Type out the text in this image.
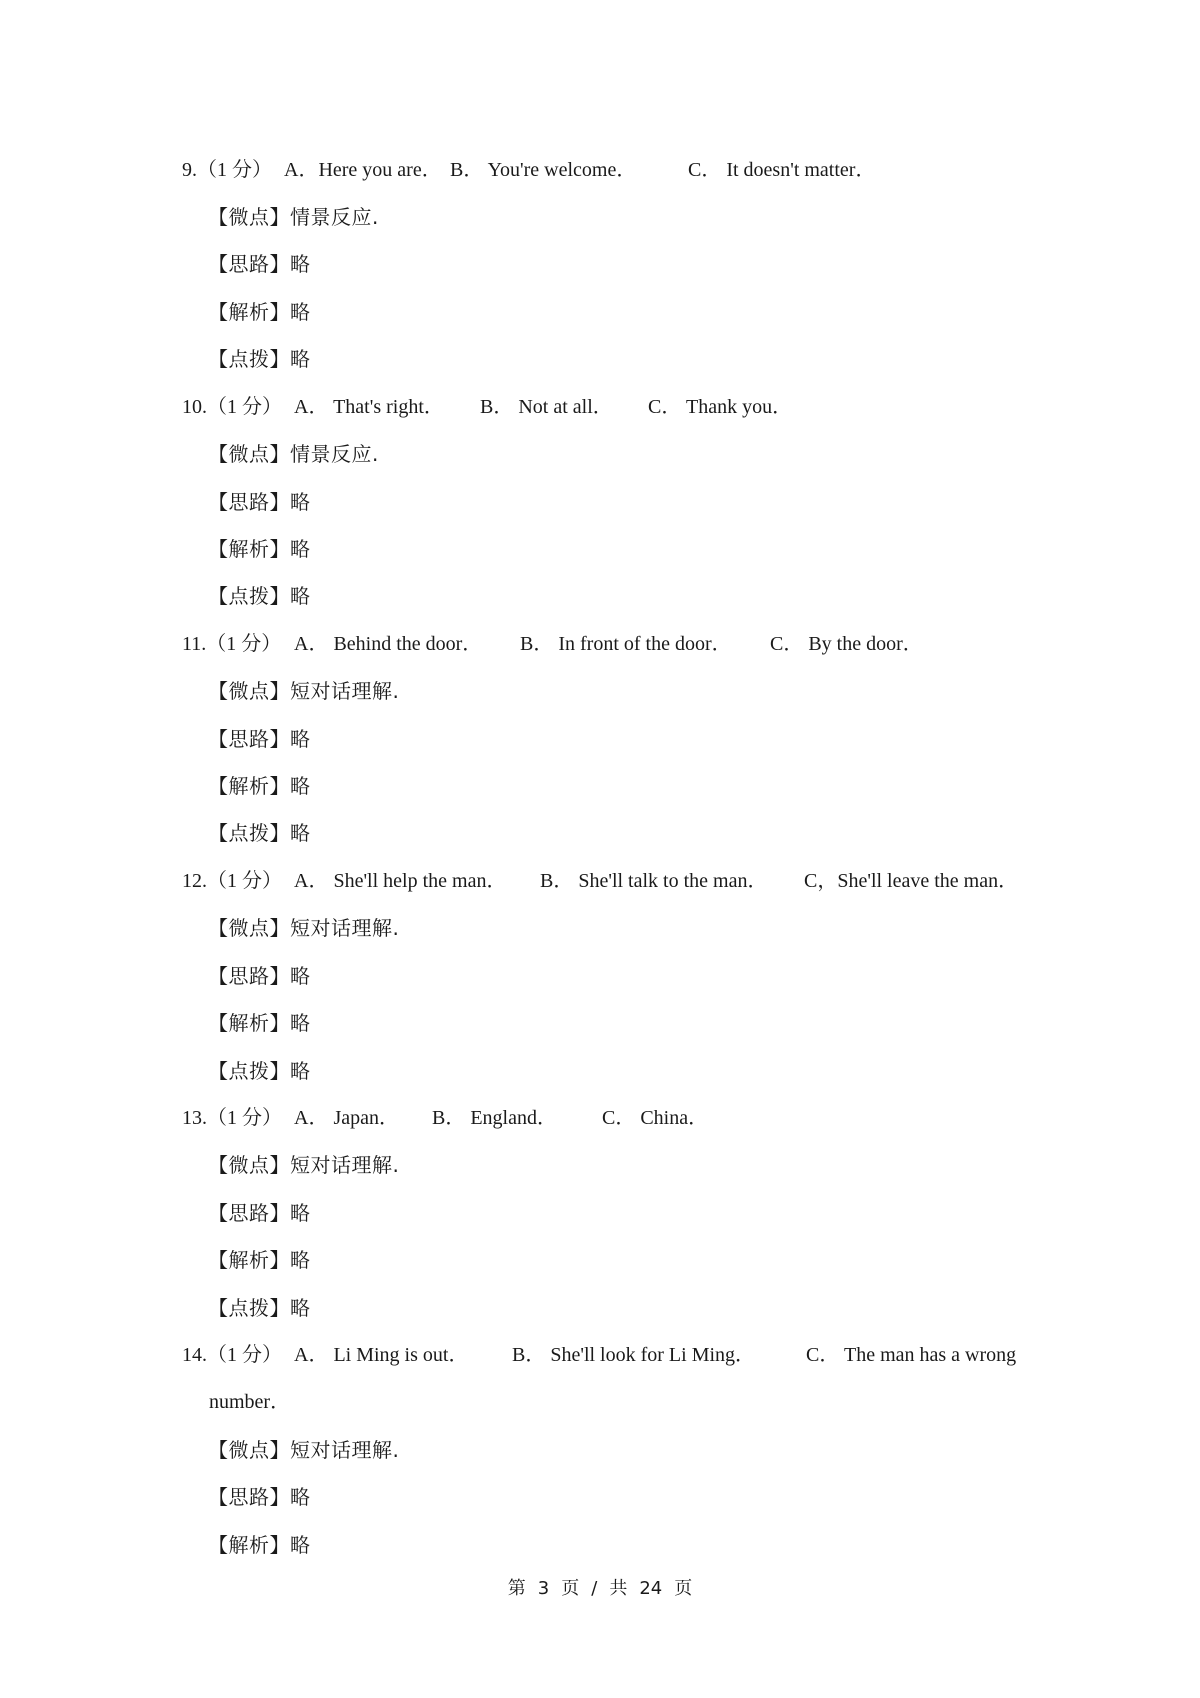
9.（1 分） A．Here you are． B． You're welcome．	C． It doesn't matter．
【微点】情景反应.
【思路】略
【解析】略
【点拨】略
10.（1 分） A． That's right． B． Not at all． C． Thank you．
【微点】情景反应.
【思路】略
【解析】略
【点拨】略
11.（1 分） A． Behind the door． B． In front of the door． C． By the door．
【微点】短对话理解.
【思路】略
【解析】略
【点拨】略
12.（1 分） A． She'll help the man． B． She'll talk to the man． C，She'll leave the man．
【微点】短对话理解.
【思路】略
【解析】略
【点拨】略
13.（1 分） A． Japan． B． England． C． China．
【微点】短对话理解.
【思路】略
【解析】略
【点拨】略
14.（1 分） A． Li Ming is out． B． She'll look for Li Ming．	C． The man has a wrong
number．
【微点】短对话理解.
【思路】略
【解析】略
第 3 页 / 共 24 页
